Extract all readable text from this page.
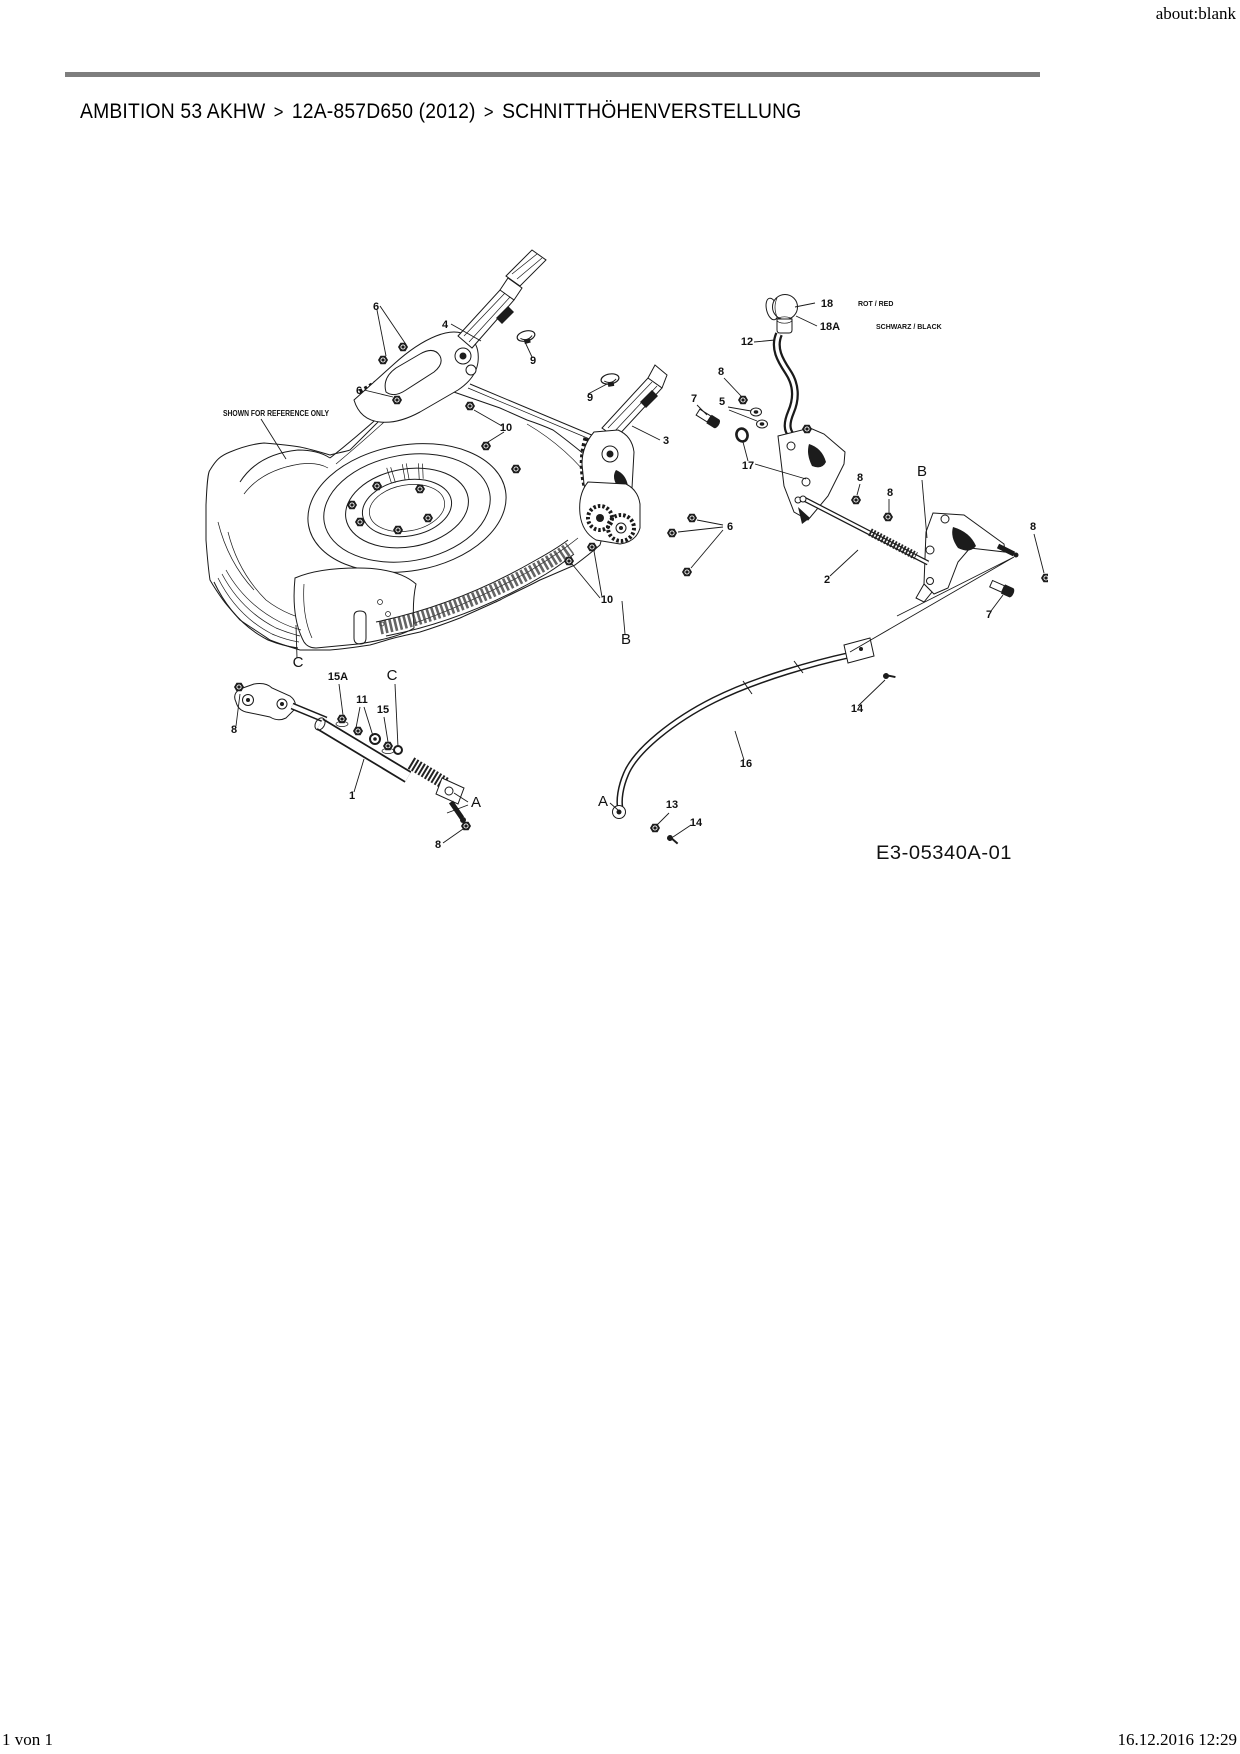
about:blank
AMBITION 53 AKHW > 12A-857D650 (2012) > SCHNITTHÖHENVERSTELLUNG
6
4
9
6
10
9
3
18
18A
12
8
7 5
17
8
8
B
2
8
7
6
10
B
C
15A	C
11
15
8
1	A
8
A	13
14
16
14
SHOWN FOR REFERENCE ONLY
ROT / RED
SCHWARZ / BLACK
E3-05340A-01
1 von 1	16.12.2016 12:29
